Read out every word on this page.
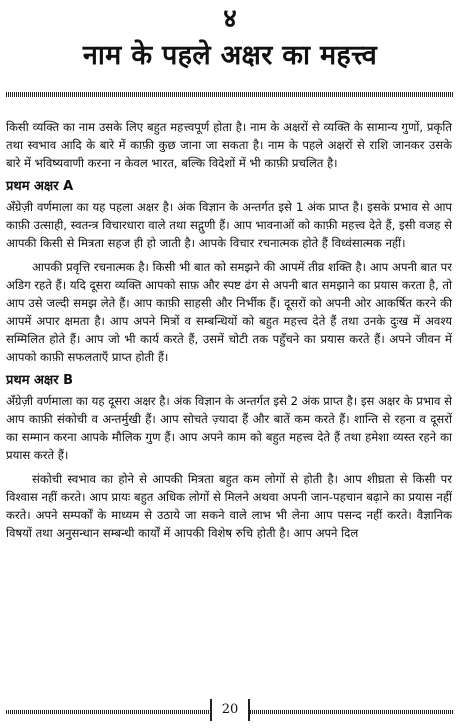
४
नाम के पहले अक्षर का महत्त्व

किसी व्यक्ति का नाम उसके लिए बहुत महत्त्वपूर्ण होता है। नाम के अक्षरों से व्यक्ति के सामान्य गुणों, प्रकृति तथा स्वभाव आदि के बारे में काफ़ी कुछ जाना जा सकता है। नाम के पहले अक्षरों से राशि जानकर उसके बारे में भविष्यवाणी करना न केवल भारत, बल्कि विदेशों में भी काफ़ी प्रचलित है।

प्रथम अक्षर A

अँग्रेज़ी वर्णमाला का यह पहला अक्षर है। अंक विज्ञान के अन्तर्गत इसे 1 अंक प्राप्त है। इसके प्रभाव से आप काफ़ी उत्साही, स्वतन्त्र विचारधारा वाले तथा सद्गुणी हैं। आप भावनाओं को काफ़ी महत्त्व देते हैं, इसी वजह से आपकी किसी से मित्रता सहज ही हो जाती है। आपके विचार रचनात्मक होते हैं विध्वंसात्मक नहीं।

आपकी प्रवृत्ति रचनात्मक है। किसी भी बात को समझने की आपमें तीव्र शक्ति है। आप अपनी बात पर अडिग रहते हैं। यदि दूसरा व्यक्ति आपको साफ़ और स्पष्ट ढंग से अपनी बात समझाने का प्रयास करता है, तो आप उसे जल्दी समझ लेते हैं। आप काफ़ी साहसी और निर्भीक हैं। दूसरों को अपनी ओर आकर्षित करने की आपमें अपार क्षमता है। आप अपने मित्रों व सम्बन्धियों को बहुत महत्त्व देते हैं तथा उनके दुःख में अवश्य सम्मिलित होते हैं। आप जो भी कार्य करते हैं, उसमें चोटी तक पहुँचने का प्रयास करते हैं। अपने जीवन में आपको काफ़ी सफलताएँ प्राप्त होती हैं।

प्रथम अक्षर B

अँग्रेज़ी वर्णमाला का यह दूसरा अक्षर है। अंक विज्ञान के अन्तर्गत इसे 2 अंक प्राप्त है। इस अक्षर के प्रभाव से आप काफ़ी संकोची व अन्तर्मुखी हैं। आप सोचते ज़्यादा हैं और बातें कम करते हैं। शान्ति से रहना व दूसरों का सम्मान करना आपके मौलिक गुण हैं। आप अपने काम को बहुत महत्त्व देते हैं तथा हमेशा व्यस्त रहने का प्रयास करते हैं।

संकोची स्वभाव का होने से आपकी मित्रता बहुत कम लोगों से होती है। आप शीघ्रता से किसी पर विश्वास नहीं करते। आप प्रायः बहुत अधिक लोगों से मिलने अथवा अपनी जान-पहचान बढ़ाने का प्रयास नहीं करते। अपने सम्पर्कों के माध्यम से उठाये जा सकने वाले लाभ भी लेना आप पसन्द नहीं करते। वैज्ञानिक विषयों तथा अनुसन्धान सम्बन्धी कार्यों में आपकी विशेष रुचि होती है। आप अपने दिल

20
